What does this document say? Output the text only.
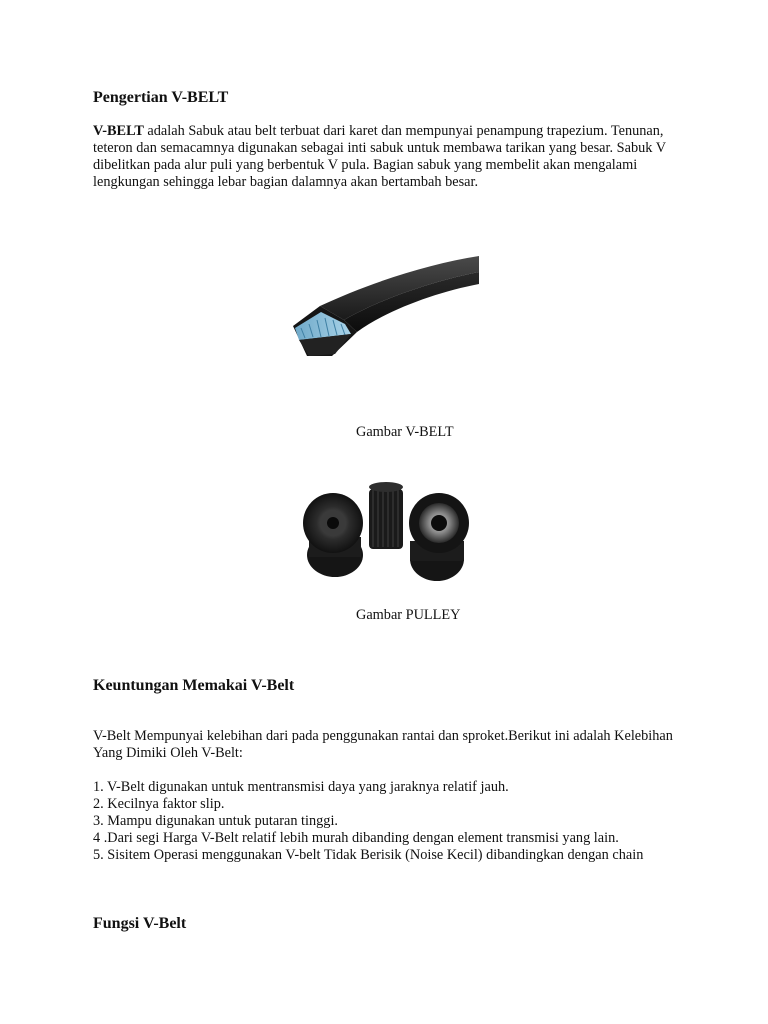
Pengertian V-BELT

V-BELT adalah Sabuk atau belt terbuat dari karet dan mempunyai penampung trapezium. Tenunan, teteron dan semacamnya digunakan sebagai inti sabuk untuk membawa tarikan yang besar. Sabuk V dibelitkan pada alur puli yang berbentuk V pula. Bagian sabuk yang membelit akan mengalami lengkungan sehingga lebar bagian dalamnya akan bertambah besar.

Gambar V-BELT

Gambar PULLEY

Keuntungan Memakai V-Belt

V-Belt Mempunyai kelebihan dari pada penggunakan rantai dan sproket.Berikut ini adalah Kelebihan Yang Dimiki Oleh V-Belt:

1. V-Belt digunakan untuk mentransmisi daya yang jaraknya relatif jauh.
2. Kecilnya faktor slip.
3. Mampu digunakan untuk putaran tinggi.
4 .Dari segi Harga V-Belt relatif lebih murah dibanding dengan element transmisi yang lain.
5. Sisitem Operasi menggunakan V-belt Tidak Berisik (Noise Kecil) dibandingkan dengan chain
Fungsi V-Belt
